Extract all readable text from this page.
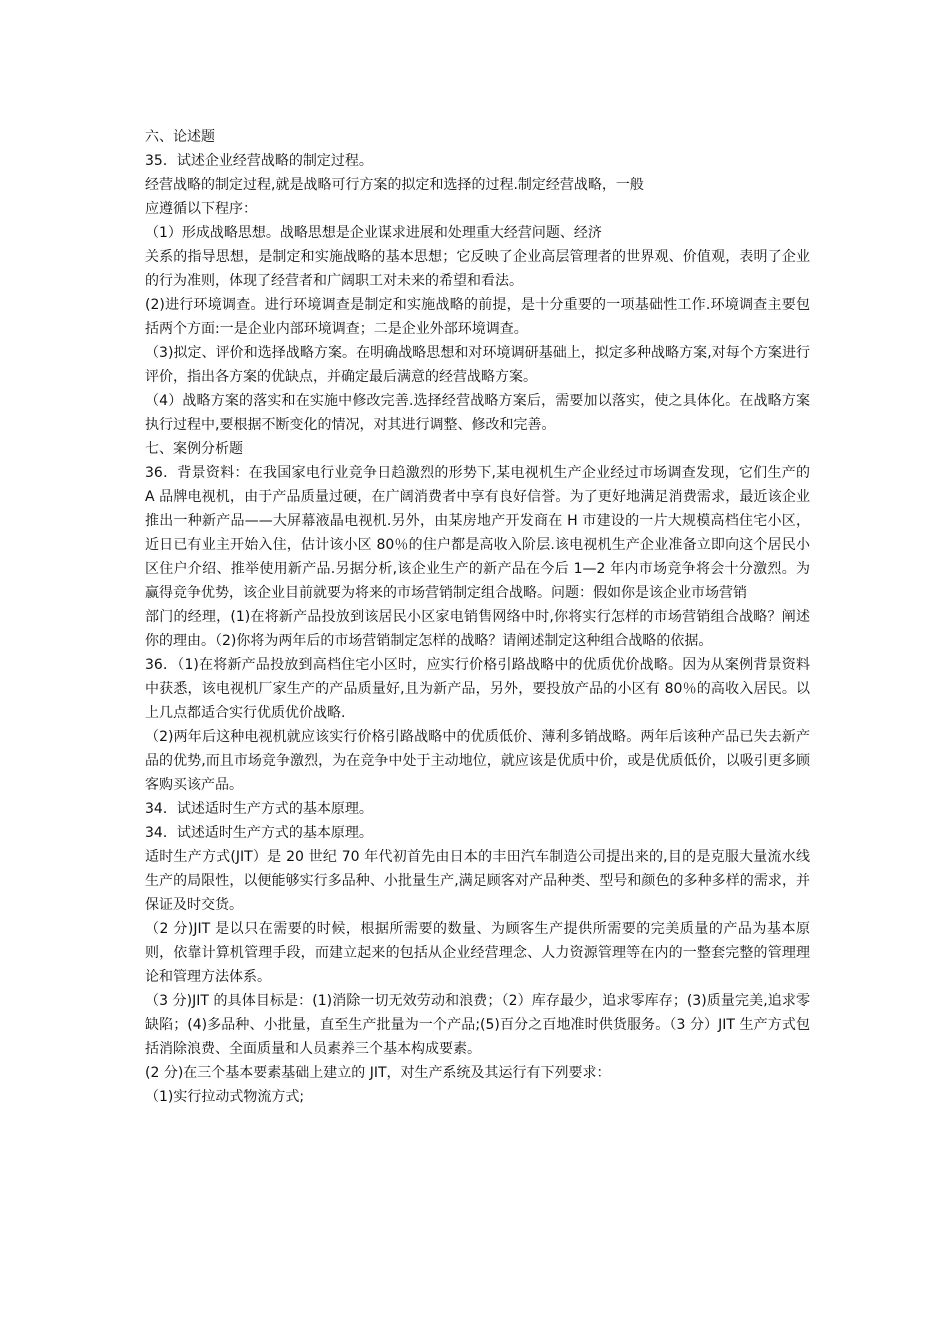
六、论述题

35．试述企业经营战略的制定过程。

经营战略的制定过程,就是战略可行方案的拟定和选择的过程.制定经营战略，一般

应遵循以下程序：

（1）形成战略思想。战略思想是企业谋求进展和处理重大经营问题、经济

关系的指导思想，是制定和实施战略的基本思想；它反映了企业高层管理者的世界观、价值观，表明了企业的行为准则，体现了经营者和广阔职工对未来的希望和看法。

(2)进行环境调查。进行环境调查是制定和实施战略的前提，是十分重要的一项基础性工作.环境调查主要包括两个方面:一是企业内部环境调查；二是企业外部环境调查。

（3)拟定、评价和选择战略方案。在明确战略思想和对环境调研基础上，拟定多种战略方案,对每个方案进行评价，指出各方案的优缺点，并确定最后满意的经营战略方案。

（4）战略方案的落实和在实施中修改完善.选择经营战略方案后，需要加以落实，使之具体化。在战略方案执行过程中,要根据不断变化的情况，对其进行调整、修改和完善。

七、案例分析题

36．背景资料：在我国家电行业竞争日趋激烈的形势下,某电视机生产企业经过市场调查发现，它们生产的 A 品牌电视机，由于产品质量过硬，在广阔消费者中享有良好信誉。为了更好地满足消费需求，最近该企业推出一种新产品——大屏幕液晶电视机.另外，由某房地产开发商在 H 市建设的一片大规模高档住宅小区，近日已有业主开始入住，估计该小区 80％的住户都是高收入阶层.该电视机生产企业准备立即向这个居民小区住户介绍、推举使用新产品.另据分析,该企业生产的新产品在今后 1—2 年内市场竞争将会十分激烈。为赢得竞争优势，该企业目前就要为将来的市场营销制定组合战略。问题：假如你是该企业市场营销

部门的经理，(1)在将新产品投放到该居民小区家电销售网络中时,你将实行怎样的市场营销组合战略？阐述你的理由。（2)你将为两年后的市场营销制定怎样的战略？请阐述制定这种组合战略的依据。

36．（1)在将新产品投放到高档住宅小区时，应实行价格引路战略中的优质优价战略。因为从案例背景资料中获悉，该电视机厂家生产的产品质量好,且为新产品，另外，要投放产品的小区有 80％的高收入居民。以上几点都适合实行优质优价战略.

（2)两年后这种电视机就应该实行价格引路战略中的优质低价、薄利多销战略。两年后该种产品已失去新产品的优势,而且市场竞争激烈，为在竞争中处于主动地位，就应该是优质中价，或是优质低价，以吸引更多顾客购买该产品。

34．试述适时生产方式的基本原理。

34．试述适时生产方式的基本原理。

适时生产方式(JIT）是 20 世纪 70 年代初首先由日本的丰田汽车制造公司提出来的,目的是克服大量流水线生产的局限性，以便能够实行多品种、小批量生产,满足顾客对产品种类、型号和颜色的多种多样的需求，并保证及时交货。

（2 分)JIT 是以只在需要的时候，根据所需要的数量、为顾客生产提供所需要的完美质量的产品为基本原则，依靠计算机管理手段，而建立起来的包括从企业经营理念、人力资源管理等在内的一整套完整的管理理论和管理方法体系。

（3 分)JIT 的具体目标是：(1)消除一切无效劳动和浪费；（2）库存最少，追求零库存；(3)质量完美,追求零缺陷；(4)多品种、小批量，直至生产批量为一个产品;(5)百分之百地准时供货服务。（3 分）JIT 生产方式包括消除浪费、全面质量和人员素养三个基本构成要素。

(2 分)在三个基本要素基础上建立的 JIT，对生产系统及其运行有下列要求：

（1)实行拉动式物流方式;
